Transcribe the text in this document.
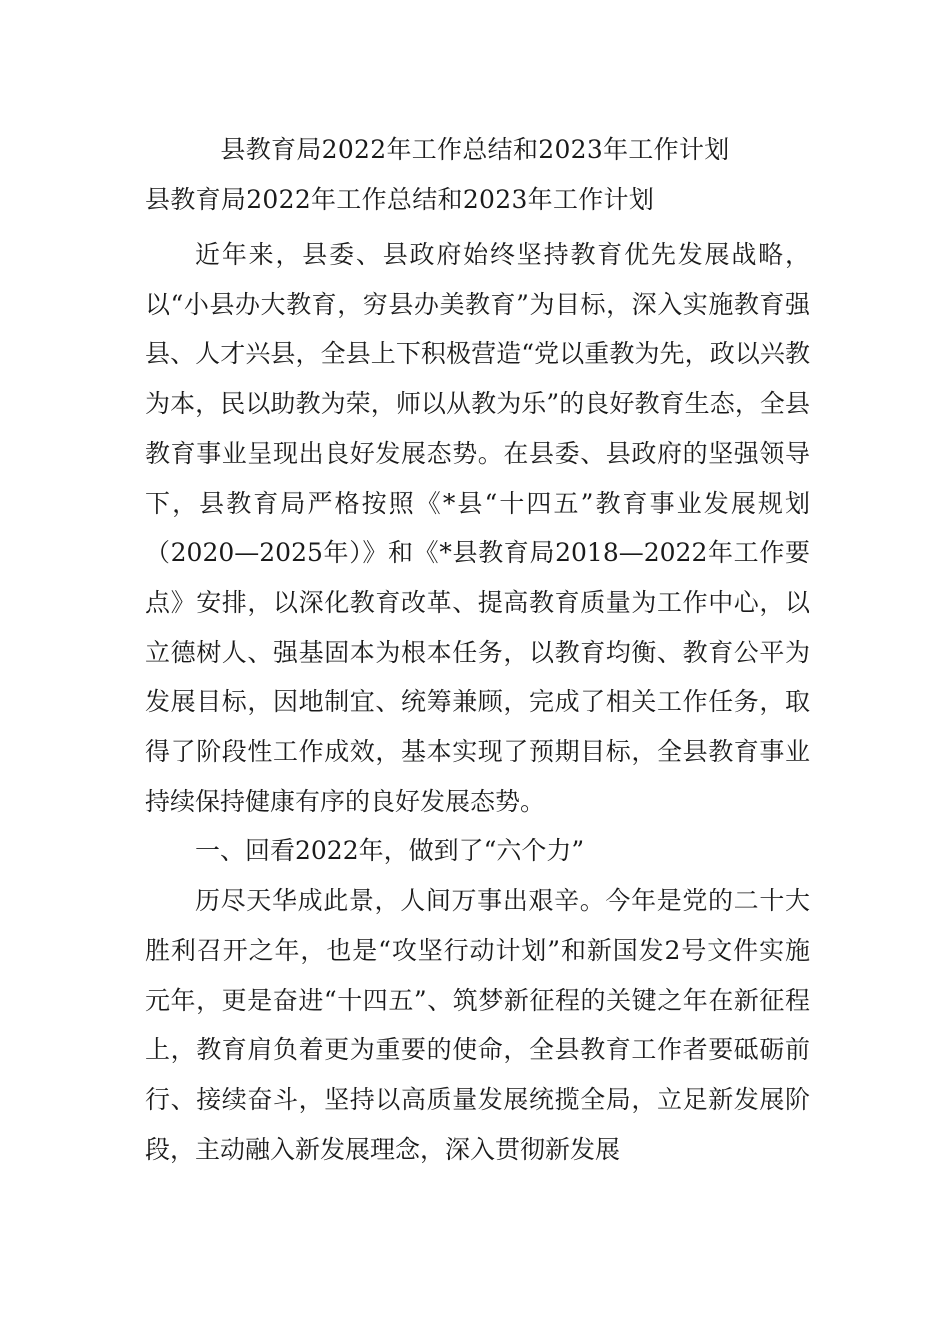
县教育局2022年工作总结和2023年工作计划
县教育局2022年工作总结和2023年工作计划

近年来，县委、县政府始终坚持教育优先发展战略，以“小县办大教育，穷县办美教育”为目标，深入实施教育强县、人才兴县，全县上下积极营造“党以重教为先，政以兴教为本，民以助教为荣，师以从教为乐”的良好教育生态，全县教育事业呈现出良好发展态势。在县委、县政府的坚强领导下，县教育局严格按照《*县“十四五”教育事业发展规划（2020—2025年）》和《*县教育局2018—2022年工作要点》安排，以深化教育改革、提高教育质量为工作中心，以立德树人、强基固本为根本任务，以教育均衡、教育公平为发展目标，因地制宜、统筹兼顾，完成了相关工作任务，取得了阶段性工作成效，基本实现了预期目标，全县教育事业持续保持健康有序的良好发展态势。

一、回看2022年，做到了“六个力”

历尽天华成此景，人间万事出艰辛。今年是党的二十大胜利召开之年，也是“攻坚行动计划”和新国发2号文件实施元年，更是奋进“十四五”、筑梦新征程的关键之年在新征程上，教育肩负着更为重要的使命，全县教育工作者要砥砺前行、接续奋斗，坚持以高质量发展统揽全局，立足新发展阶段，主动融入新发展理念，深入贯彻新发展
